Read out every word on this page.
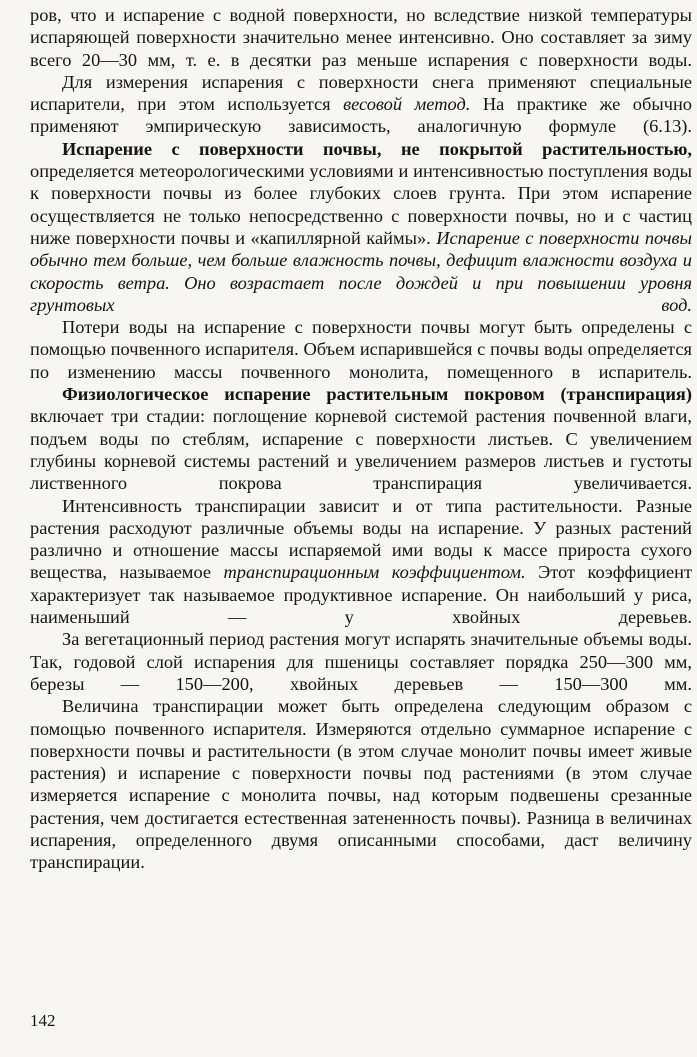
ров, что и испарение с водной поверхности, но вследствие низкой температуры испаряющей поверхности значительно менее интенсивно. Оно составляет за зиму всего 20—30 мм, т. е. в десятки раз меньше испарения с поверхности воды.

Для измерения испарения с поверхности снега применяют специальные испарители, при этом используется весовой метод. На практике же обычно применяют эмпирическую зависимость, аналогичную формуле (6.13).

Испарение с поверхности почвы, не покрытой растительностью, определяется метеорологическими условиями и интенсивностью поступления воды к поверхности почвы из более глубоких слоев грунта. При этом испарение осуществляется не только непосредственно с поверхности почвы, но и с частиц ниже поверхности почвы и «капиллярной каймы». Испарение с поверхности почвы обычно тем больше, чем больше влажность почвы, дефицит влажности воздуха и скорость ветра. Оно возрастает после дождей и при повышении уровня грунтовых вод.

Потери воды на испарение с поверхности почвы могут быть определены с помощью почвенного испарителя. Объем испарившейся с почвы воды определяется по изменению массы почвенного монолита, помещенного в испаритель.

Физиологическое испарение растительным покровом (транспирация) включает три стадии: поглощение корневой системой растения почвенной влаги, подъем воды по стеблям, испарение с поверхности листьев. С увеличением глубины корневой системы растений и увеличением размеров листьев и густоты лиственного покрова транспирация увеличивается.

Интенсивность транспирации зависит и от типа растительности. Разные растения расходуют различные объемы воды на испарение. У разных растений различно и отношение массы испаряемой ими воды к массе прироста сухого вещества, называемое транспирационным коэффициентом. Этот коэффициент характеризует так называемое продуктивное испарение. Он наибольший у риса, наименьший — у хвойных деревьев.

За вегетационный период растения могут испарять значительные объемы воды. Так, годовой слой испарения для пшеницы составляет порядка 250—300 мм, березы — 150—200, хвойных деревьев — 150—300 мм.

Величина транспирации может быть определена следующим образом с помощью почвенного испарителя. Измеряются отдельно суммарное испарение с поверхности почвы и растительности (в этом случае монолит почвы имеет живые растения) и испарение с поверхности почвы под растениями (в этом случае измеряется испарение с монолита почвы, над которым подвешены срезанные растения, чем достигается естественная затененность почвы). Разница в величинах испарения, определенного двумя описанными способами, даст величину транспирации.

142
